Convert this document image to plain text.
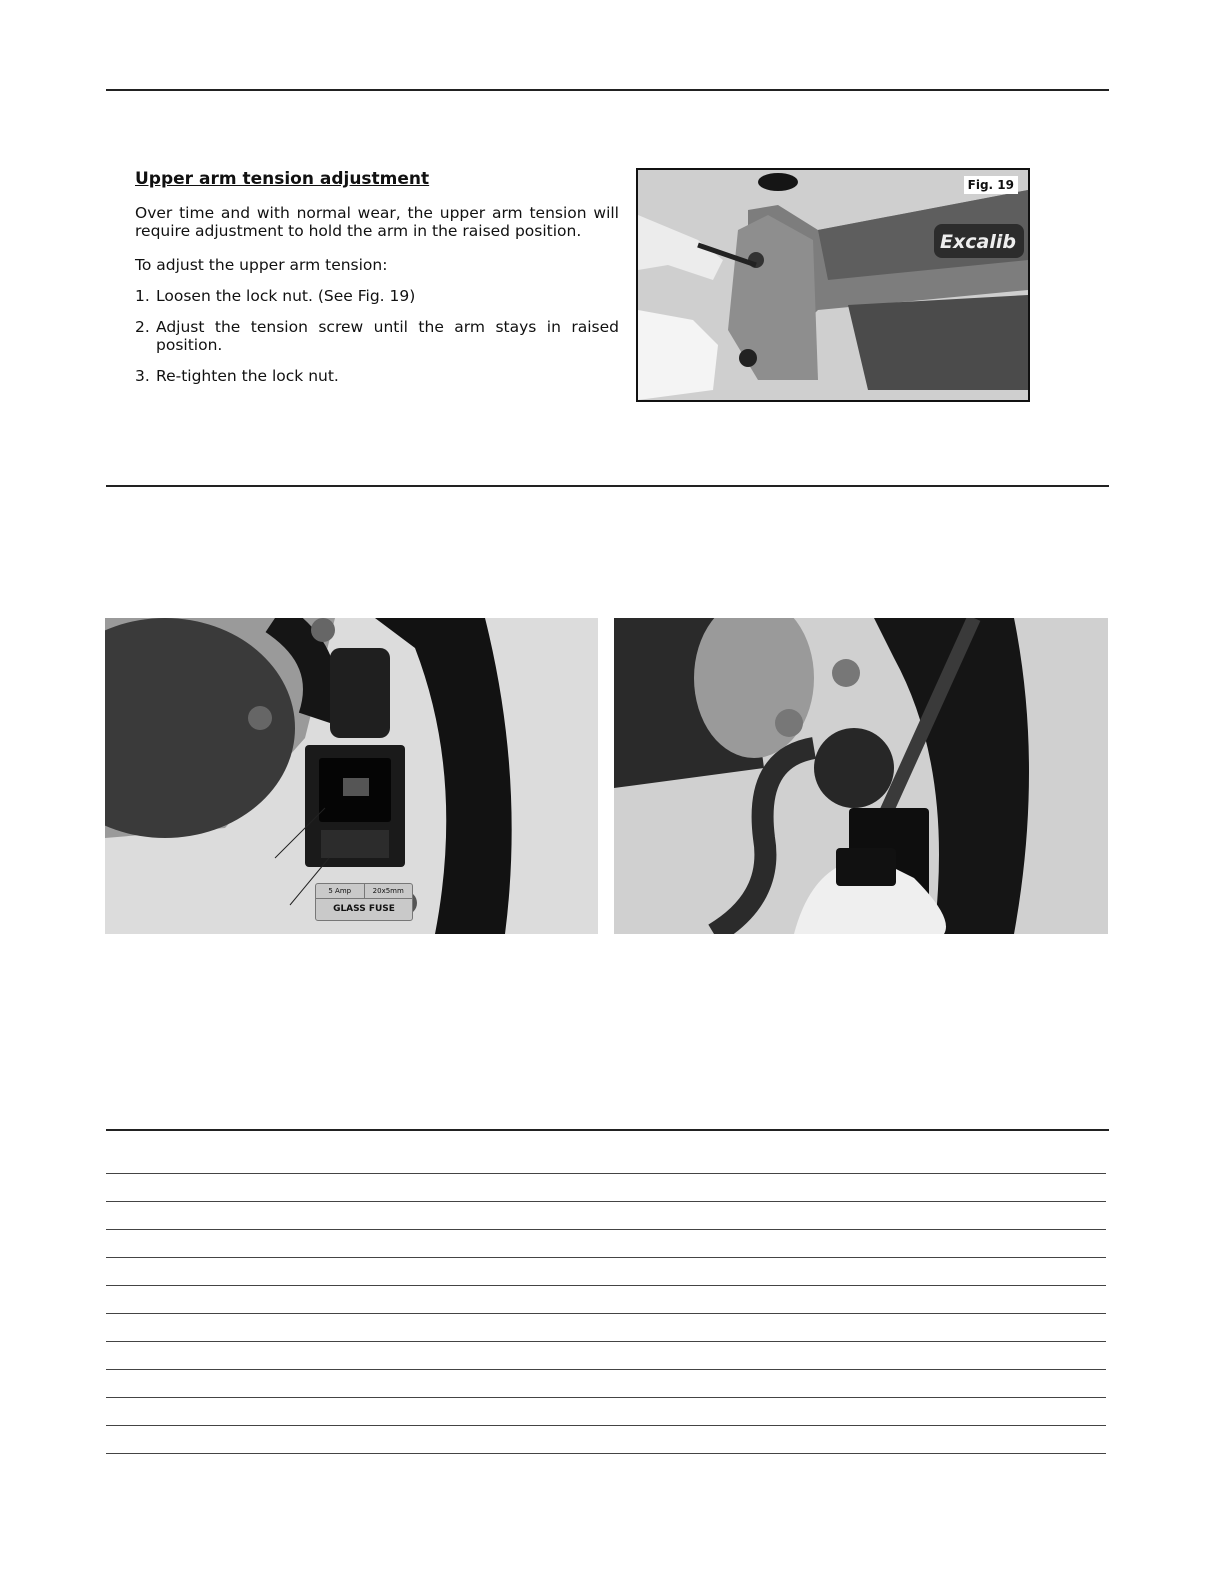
Upper arm tension adjustment

Over time and with normal wear, the upper arm tension will require adjustment to hold the arm in the raised position.

To adjust the upper arm tension:

1. Loosen the lock nut. (See Fig. 19)
2. Adjust the tension screw until the arm stays in raised position.
3. Re-tighten the lock nut.
Excalib
Fig. 19
5 Amp	20x5mm
GLASS FUSE
